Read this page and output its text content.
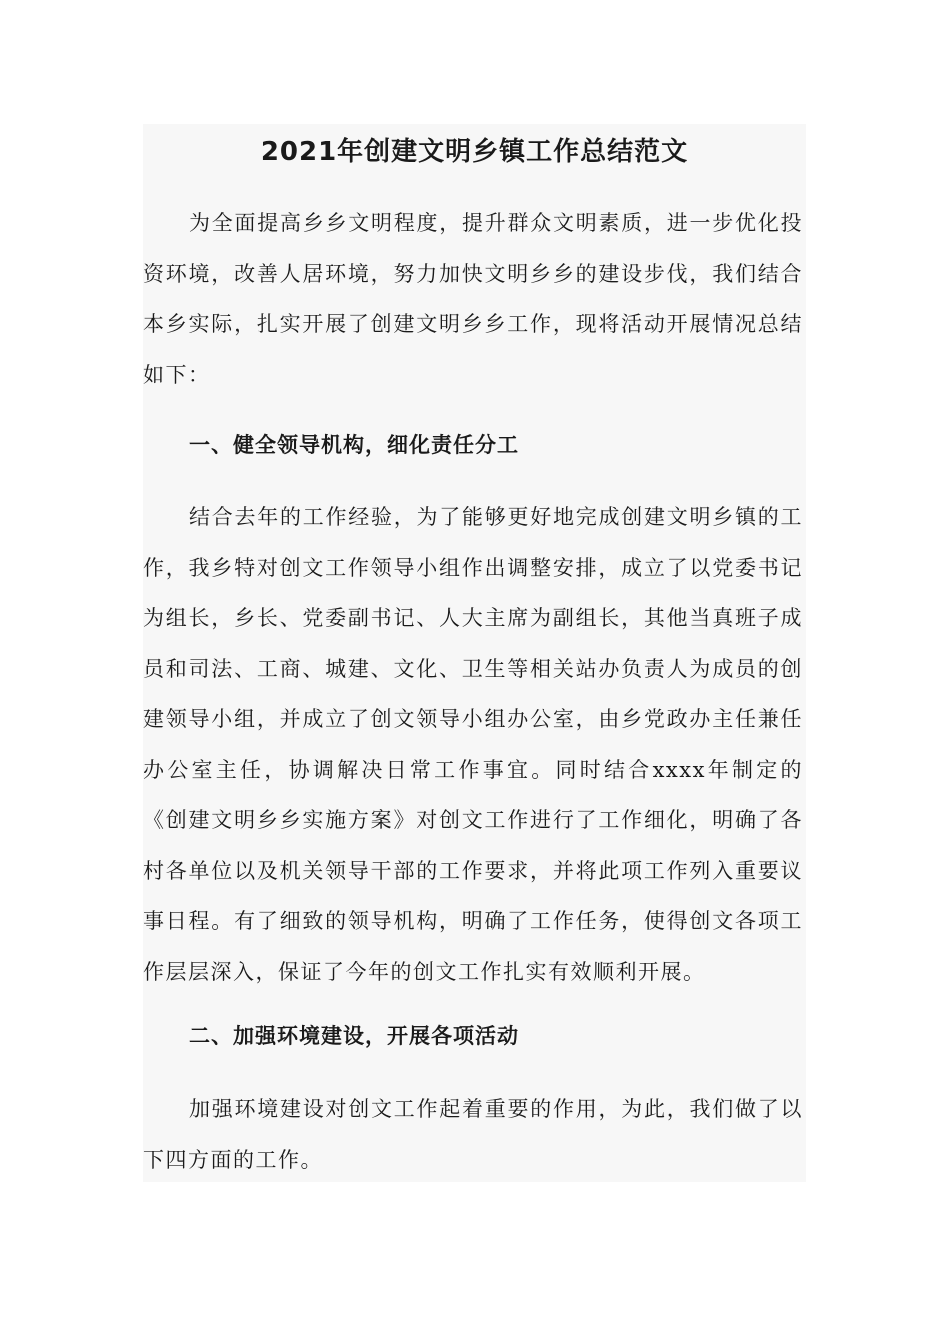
2021年创建文明乡镇工作总结范文

为全面提高乡乡文明程度，提升群众文明素质，进一步优化投资环境，改善人居环境，努力加快文明乡乡的建设步伐，我们结合本乡实际，扎实开展了创建文明乡乡工作，现将活动开展情况总结如下：

一、健全领导机构，细化责任分工

结合去年的工作经验，为了能够更好地完成创建文明乡镇的工作，我乡特对创文工作领导小组作出调整安排，成立了以党委书记为组长，乡长、党委副书记、人大主席为副组长，其他当真班子成员和司法、工商、城建、文化、卫生等相关站办负责人为成员的创建领导小组，并成立了创文领导小组办公室，由乡党政办主任兼任办公室主任，协调解决日常工作事宜。同时结合xxxx年制定的《创建文明乡乡实施方案》对创文工作进行了工作细化，明确了各村各单位以及机关领导干部的工作要求，并将此项工作列入重要议事日程。有了细致的领导机构，明确了工作任务，使得创文各项工作层层深入，保证了今年的创文工作扎实有效顺利开展。

二、加强环境建设，开展各项活动

加强环境建设对创文工作起着重要的作用，为此，我们做了以下四方面的工作。
